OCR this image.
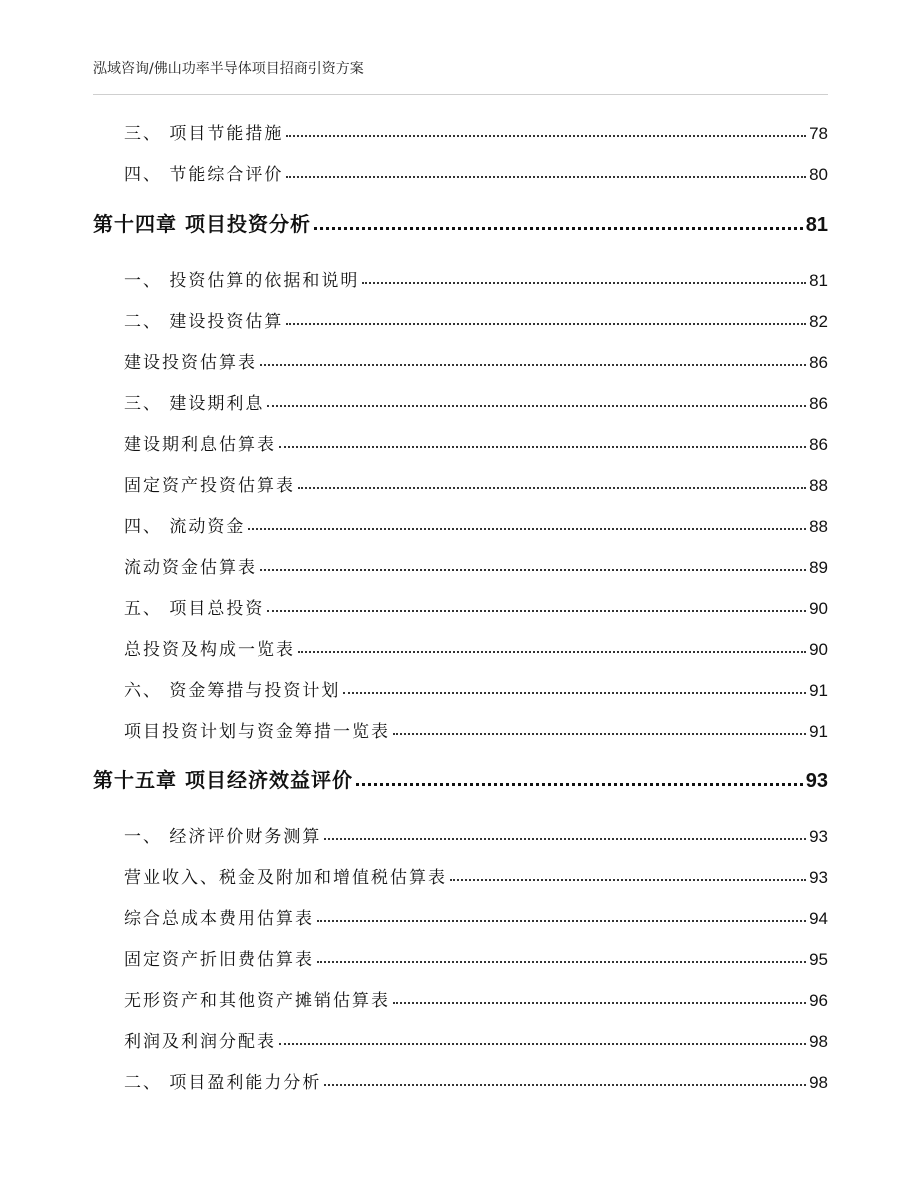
泓域咨询/佛山功率半导体项目招商引资方案
三、 项目节能措施	78
四、 节能综合评价	80
第十四章 项目投资分析	81
一、 投资估算的依据和说明	81
二、 建设投资估算	82
建设投资估算表	86
三、 建设期利息	86
建设期利息估算表	86
固定资产投资估算表	88
四、 流动资金	88
流动资金估算表	89
五、 项目总投资	90
总投资及构成一览表	90
六、 资金筹措与投资计划	91
项目投资计划与资金筹措一览表	91
第十五章 项目经济效益评价	93
一、 经济评价财务测算	93
营业收入、税金及附加和增值税估算表	93
综合总成本费用估算表	94
固定资产折旧费估算表	95
无形资产和其他资产摊销估算表	96
利润及利润分配表	98
二、 项目盈利能力分析	98
